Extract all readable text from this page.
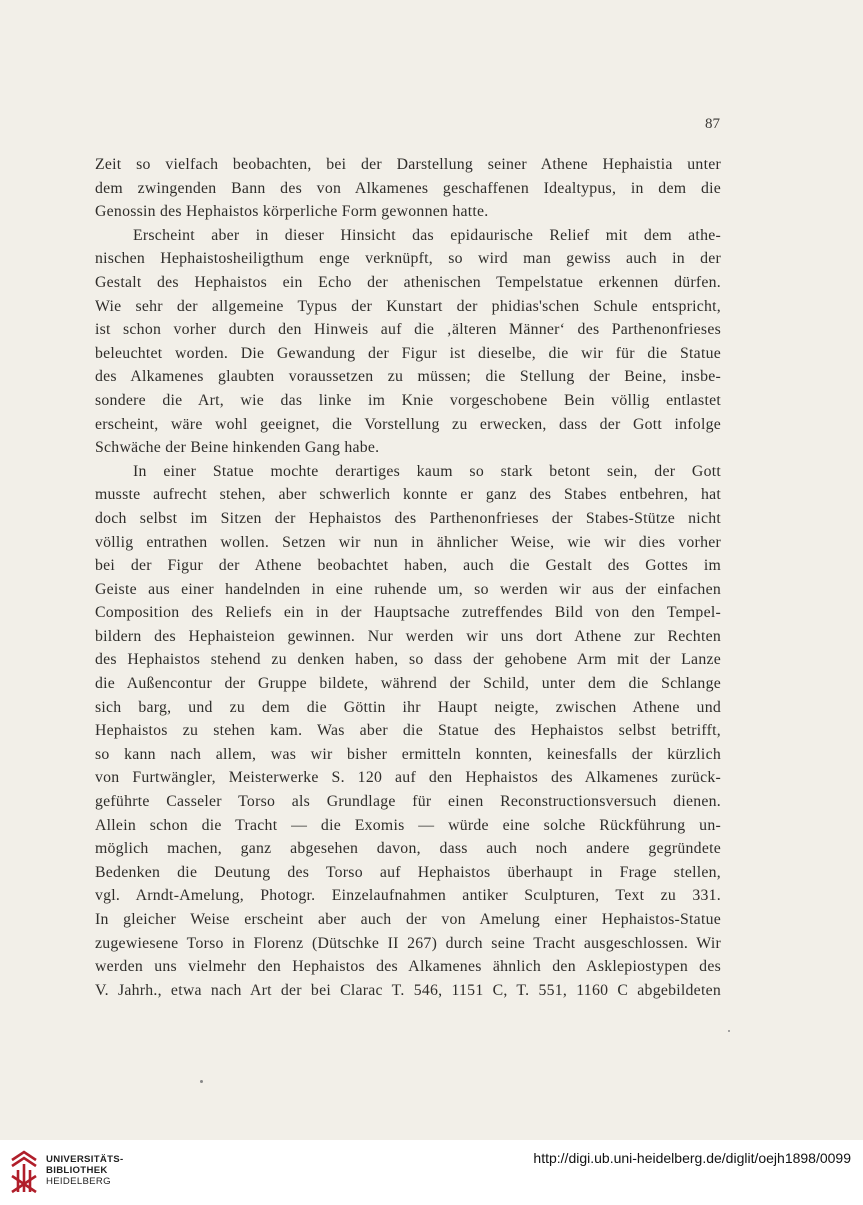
87
Zeit so vielfach beobachten, bei der Darstellung seiner Athene Hephaistia unter
dem zwingenden Bann des von Alkamenes geschaffenen Idealtypus, in dem die
Genossin des Hephaistos körperliche Form gewonnen hatte.
Erscheint aber in dieser Hinsicht das epidaurische Relief mit dem athe-
nischen Hephaistosheiligthum enge verknüpft, so wird man gewiss auch in der
Gestalt des Hephaistos ein Echo der athenischen Tempelstatue erkennen dürfen.
Wie sehr der allgemeine Typus der Kunstart der phidias'schen Schule entspricht,
ist schon vorher durch den Hinweis auf die ‚älteren Männer‘ des Parthenonfrieses
beleuchtet worden. Die Gewandung der Figur ist dieselbe, die wir für die Statue
des Alkamenes glaubten voraussetzen zu müssen; die Stellung der Beine, insbe-
sondere die Art, wie das linke im Knie vorgeschobene Bein völlig entlastet
erscheint, wäre wohl geeignet, die Vorstellung zu erwecken, dass der Gott infolge
Schwäche der Beine hinkenden Gang habe.
In einer Statue mochte derartiges kaum so stark betont sein, der Gott
musste aufrecht stehen, aber schwerlich konnte er ganz des Stabes entbehren, hat
doch selbst im Sitzen der Hephaistos des Parthenonfrieses der Stabes-Stütze nicht
völlig entrathen wollen. Setzen wir nun in ähnlicher Weise, wie wir dies vorher
bei der Figur der Athene beobachtet haben, auch die Gestalt des Gottes im
Geiste aus einer handelnden in eine ruhende um, so werden wir aus der einfachen
Composition des Reliefs ein in der Hauptsache zutreffendes Bild von den Tempel-
bildern des Hephaisteion gewinnen. Nur werden wir uns dort Athene zur Rechten
des Hephaistos stehend zu denken haben, so dass der gehobene Arm mit der Lanze
die Außencontur der Gruppe bildete, während der Schild, unter dem die Schlange
sich barg, und zu dem die Göttin ihr Haupt neigte, zwischen Athene und
Hephaistos zu stehen kam. Was aber die Statue des Hephaistos selbst betrifft,
so kann nach allem, was wir bisher ermitteln konnten, keinesfalls der kürzlich
von Furtwängler, Meisterwerke S. 120 auf den Hephaistos des Alkamenes zurück-
geführte Casseler Torso als Grundlage für einen Reconstructionsversuch dienen.
Allein schon die Tracht — die Exomis — würde eine solche Rückführung un-
möglich machen, ganz abgesehen davon, dass auch noch andere gegründete
Bedenken die Deutung des Torso auf Hephaistos überhaupt in Frage stellen,
vgl. Arndt-Amelung, Photogr. Einzelaufnahmen antiker Sculpturen, Text zu 331.
In gleicher Weise erscheint aber auch der von Amelung einer Hephaistos-Statue
zugewiesene Torso in Florenz (Dütschke II 267) durch seine Tracht ausgeschlossen. Wir
werden uns vielmehr den Hephaistos des Alkamenes ähnlich den Asklepiostypen des
V. Jahrh., etwa nach Art der bei Clarac T. 546, 1151 C, T. 551, 1160 C abgebildeten
UNIVERSITÄTS-
BIBLIOTHEK
HEIDELBERG
http://digi.ub.uni-heidelberg.de/diglit/oejh1898/0099
